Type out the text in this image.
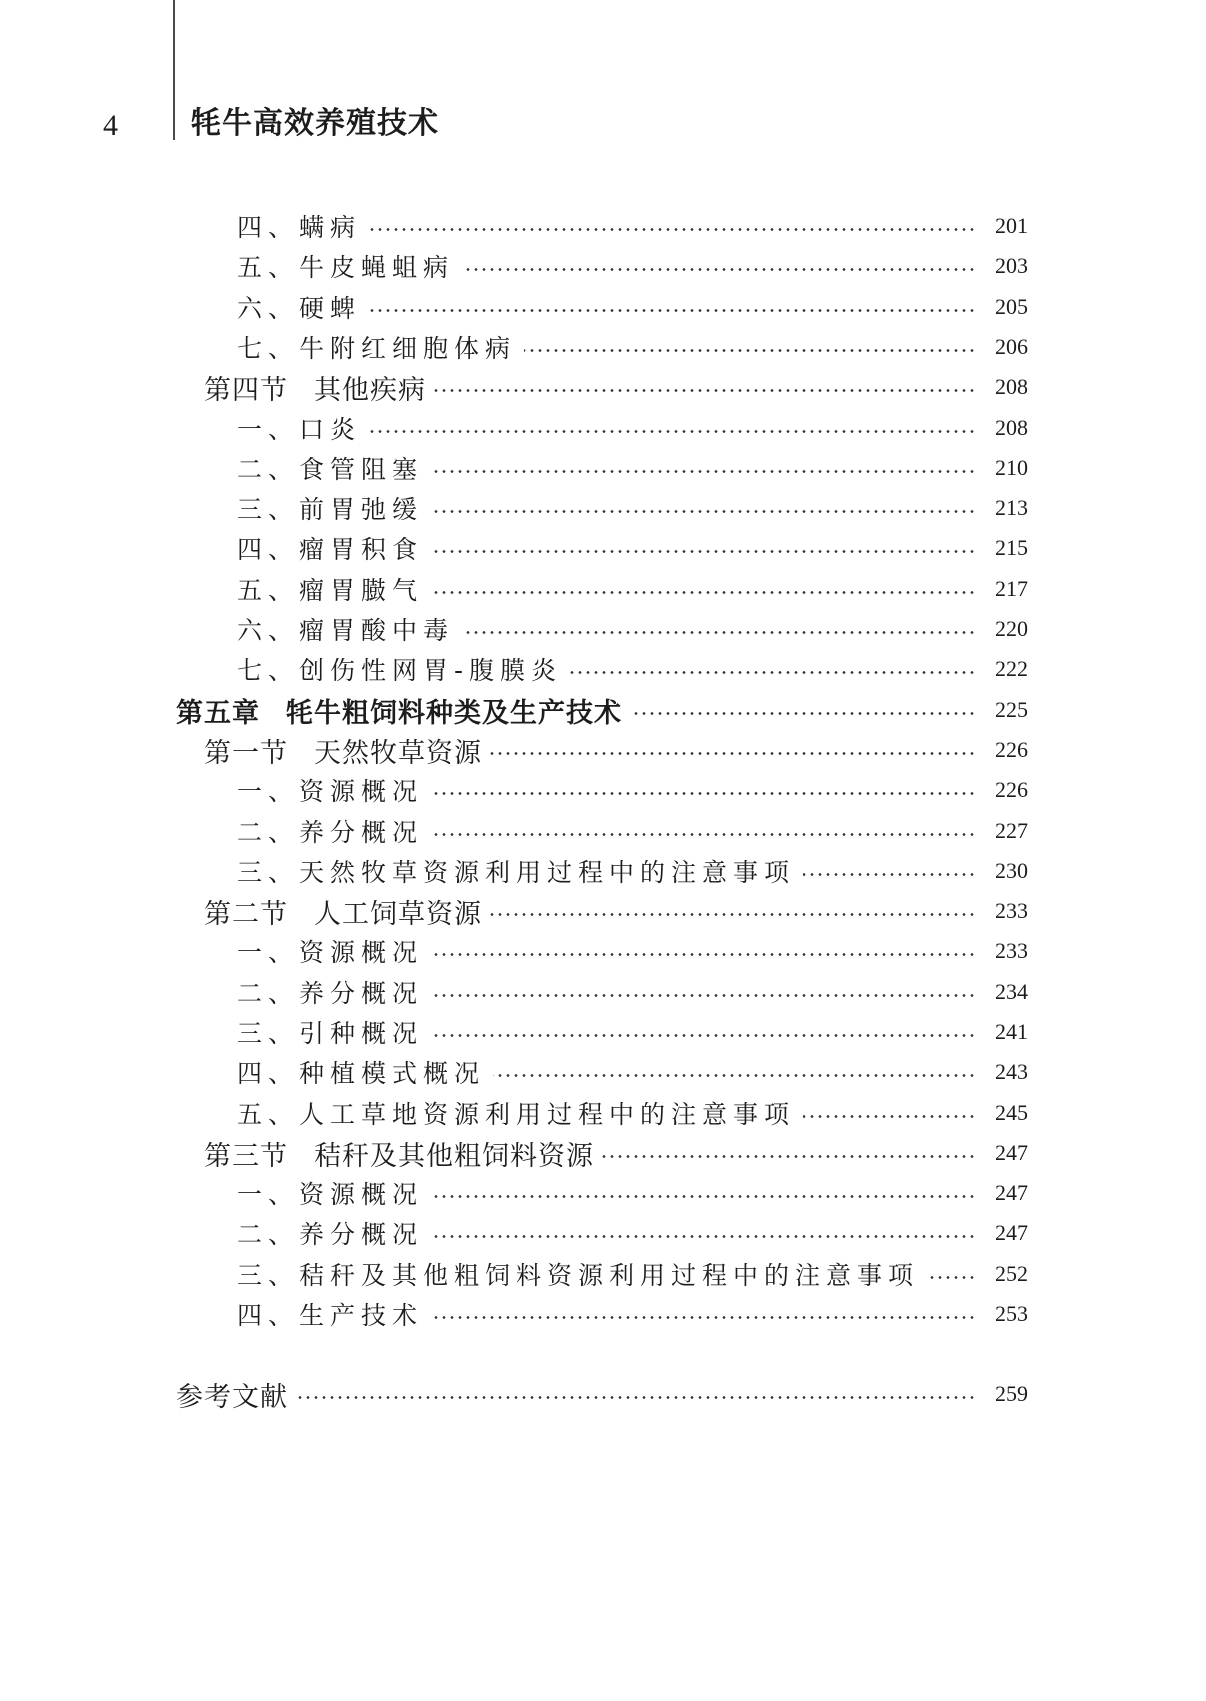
4 牦牛高效养殖技术
四、螨病	201
五、牛皮蝇蛆病	203
六、硬蜱	205
七、牛附红细胞体病	206
第四节 其他疾病	208
一、口炎	208
二、食管阻塞	210
三、前胃弛缓	213
四、瘤胃积食	215
五、瘤胃臌气	217
六、瘤胃酸中毒	220
七、创伤性网胃-腹膜炎	222
第五章 牦牛粗饲料种类及生产技术	225
第一节 天然牧草资源	226
一、资源概况	226
二、养分概况	227
三、天然牧草资源利用过程中的注意事项	230
第二节 人工饲草资源	233
一、资源概况	233
二、养分概况	234
三、引种概况	241
四、种植模式概况	243
五、人工草地资源利用过程中的注意事项	245
第三节 秸秆及其他粗饲料资源	247
一、资源概况	247
二、养分概况	247
三、秸秆及其他粗饲料资源利用过程中的注意事项	252
四、生产技术	253
参考文献	259
